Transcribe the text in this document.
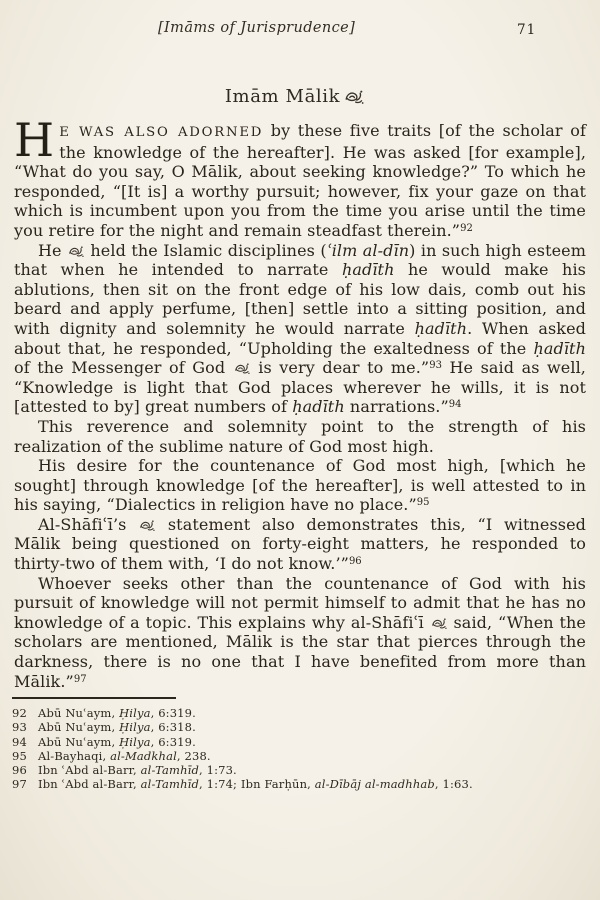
[Imāms of Jurisprudence]	71
Imām Mālik

H E WAS ALSO ADORNED by these five traits [of the scholar of the knowledge of the hereafter]. He was asked [for example], “What do you say, O Mālik, about seeking knowledge?” To which he responded, “[It is] a worthy pursuit; however, fix your gaze on that which is incumbent upon you from the time you arise until the time you retire for the night and remain steadfast therein.”$^{92}$

He
held the Islamic disciplines (ʿilm al-dīn) in such high esteem that when he intended to narrate ḥadīth he would make his ablutions, then sit on the front edge of his low dais, comb out his beard and apply perfume, [then] settle into a sitting position, and with dignity and solemnity he would narrate ḥadīth. When asked about that, he responded, “Upholding the exaltedness of the ḥadīth of the Messenger of God
is very dear to me.”$^{93}$ He said as well, “Knowledge is light that God places wherever he wills, it is not [attested to by] great numbers of ḥadīth narrations.”$^{94}$

This reverence and solemnity point to the strength of his realization of the sublime nature of God most high.

His desire for the countenance of God most high, [which he sought] through knowledge [of the hereafter], is well attested to in his saying, “Dialectics in religion have no place.”$^{95}$

Al-Shāfiʿī’s
statement also demonstrates this, “I witnessed Mālik being questioned on forty-eight matters, he responded to thirty-two of them with, ‘I do not know.’”$^{96}$

Whoever seeks other than the countenance of God with his pursuit of knowledge will not permit himself to admit that he has no knowledge of a topic. This explains why al-Shāfiʿī
said, “When the scholars are mentioned, Mālik is the star that pierces through the darkness, there is no one that I have benefited from more than Mālik.”$^{97}$

92 Abū Nuʿaym, Ḥilya, 6:319.
93 Abū Nuʿaym, Ḥilya, 6:318.
94 Abū Nuʿaym, Ḥilya, 6:319.
95 Al-Bayhaqi, al-Madkhal, 238.
96 Ibn ʿAbd al-Barr, al-Tamhīd, 1:73.
97 Ibn ʿAbd al-Barr, al-Tamhīd, 1:74; Ibn Farḥūn, al-Dībāj al-madhhab, 1:63.
